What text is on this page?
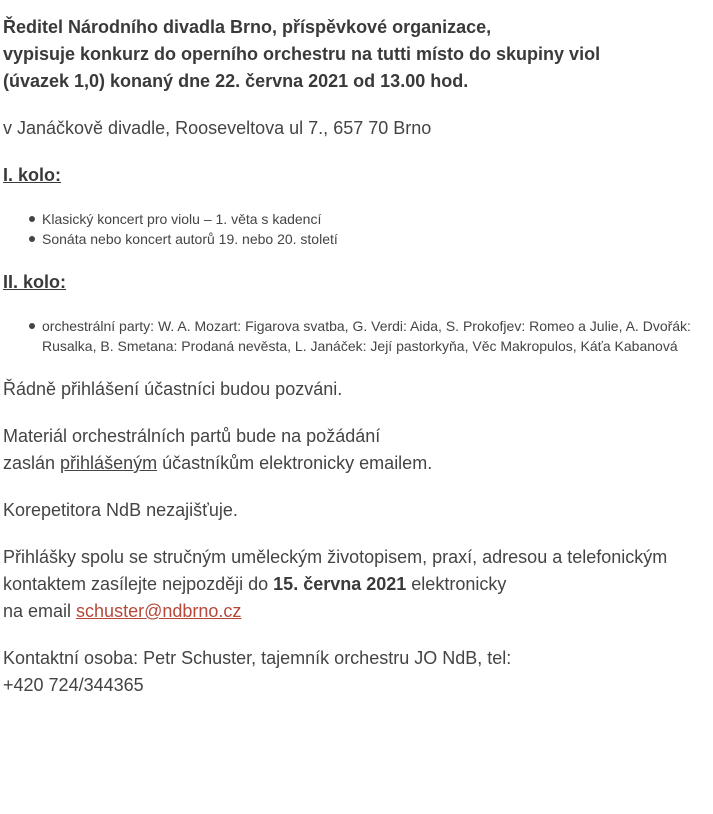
Ředitel Národního divadla Brno, příspěvkové organizace,
vypisuje konkurz do operního orchestru na tutti místo do skupiny viol
(úvazek 1,0) konaný dne 22. června 2021 od 13.00 hod.

v Janáčkově divadle, Rooseveltova ul 7., 657 70 Brno

I. kolo:

Klasický koncert pro violu – 1. věta s kadencí
Sonáta nebo koncert autorů 19. nebo 20. století

II. kolo:

orchestrální party: W. A. Mozart: Figarova svatba, G. Verdi: Aida, S. Prokofjev: Romeo a Julie, A. Dvořák: Rusalka, B. Smetana: Prodaná nevěsta, L. Janáček: Její pastorkyňa, Věc Makropulos, Káťa Kabanová

Řádně přihlášení účastníci budou pozváni.

Materiál orchestrálních partů bude na požádání
zaslán přihlášeným účastníkům elektronicky emailem.

Korepetitora NdB nezajišťuje.

Přihlášky spolu se stručným uměleckým životopisem, praxí, adresou a telefonickým kontaktem zasílejte nejpozději do 15. června 2021 elektronicky
na email schuster@ndbrno.cz

Kontaktní osoba: Petr Schuster, tajemník orchestru JO NdB, tel:
+420 724/344365
